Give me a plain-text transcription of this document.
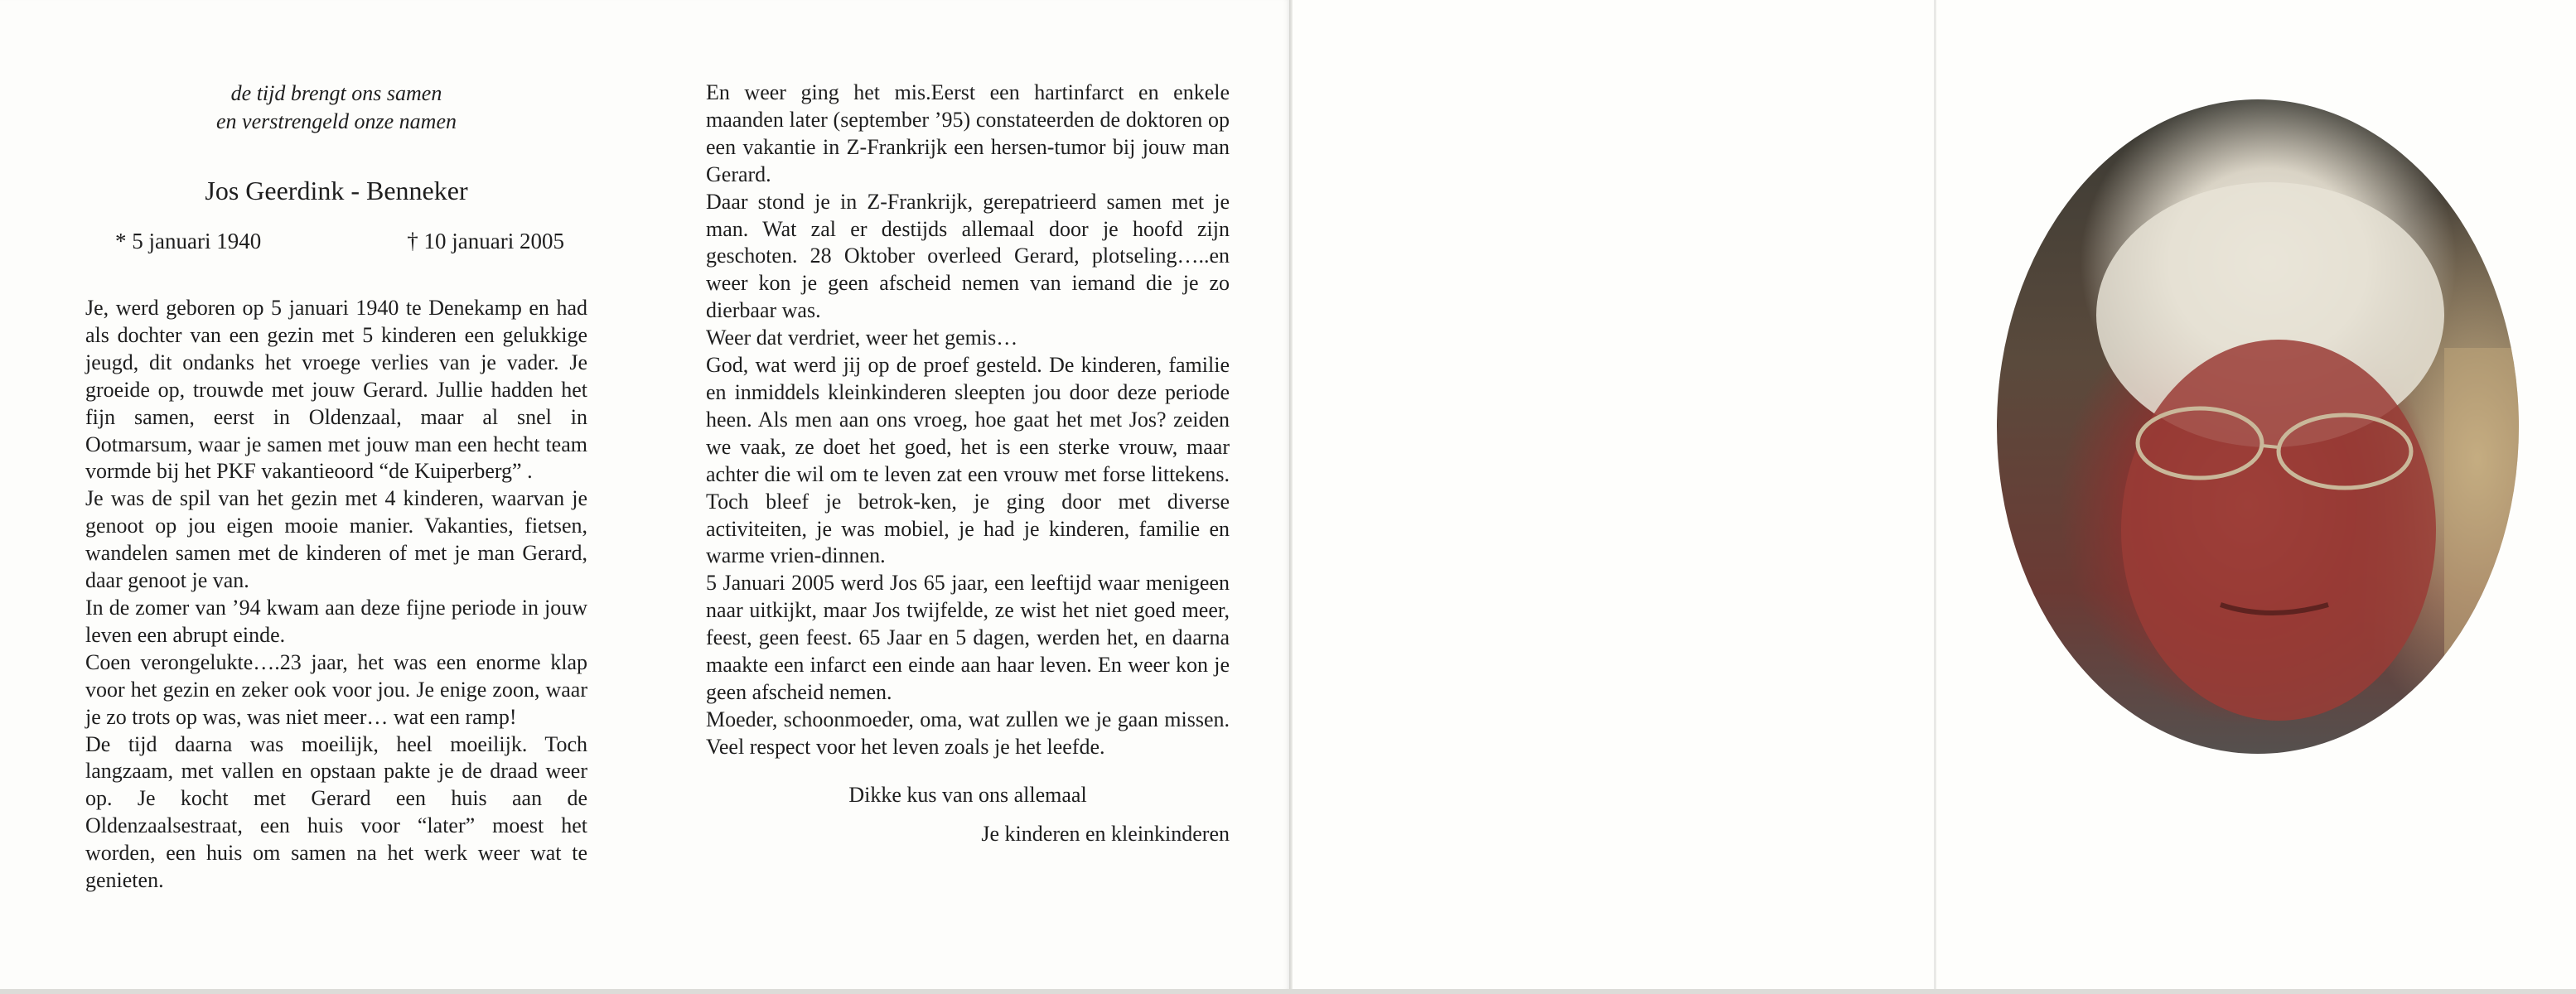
de tijd brengt ons samen

en verstrengeld onze namen

Jos Geerdink - Benneker

* 5 januari 1940	† 10 januari 2005

Je, werd geboren op 5 januari 1940 te Denekamp en had als dochter van een gezin met 5 kinderen een gelukkige jeugd, dit ondanks het vroege verlies van je vader. Je groeide op, trouwde met jouw Gerard. Jullie hadden het fijn samen, eerst in Oldenzaal, maar al snel in Ootmarsum, waar je samen met jouw man een hecht team vormde bij het PKF vakantieoord “de Kuiperberg” .

Je was de spil van het gezin met 4 kinderen, waarvan je genoot op jou eigen mooie manier. Vakanties, fietsen, wandelen samen met de kinderen of met je man Gerard, daar genoot je van.

In de zomer van ’94 kwam aan deze fijne periode in jouw leven een abrupt einde.

Coen verongelukte….23 jaar, het was een enorme klap voor het gezin en zeker ook voor jou. Je enige zoon, waar je zo trots op was, was niet meer… wat een ramp!

De tijd daarna was moeilijk, heel moeilijk. Toch langzaam, met vallen en opstaan pakte je de draad weer op. Je kocht met Gerard een huis aan de Oldenzaalsestraat, een huis voor “later” moest het worden, een huis om samen na het werk weer wat te genieten.

En weer ging het mis.Eerst een hartinfarct en enkele maanden later (september ’95) constateerden de doktoren op een vakantie in Z-Frankrijk een hersen-tumor bij jouw man Gerard.

Daar stond je in Z-Frankrijk, gerepatrieerd samen met je man. Wat zal er destijds allemaal door je hoofd zijn geschoten. 28 Oktober overleed Gerard, plotseling…..en weer kon je geen afscheid nemen van iemand die je zo dierbaar was.

Weer dat verdriet, weer het gemis…

God, wat werd jij op de proef gesteld. De kinderen, familie en inmiddels kleinkinderen sleepten jou door deze periode heen. Als men aan ons vroeg, hoe gaat het met Jos? zeiden we vaak, ze doet het goed, het is een sterke vrouw, maar achter die wil om te leven zat een vrouw met forse littekens. Toch bleef je betrok-ken, je ging door met diverse activiteiten, je was mobiel, je had je kinderen, familie en warme vrien-dinnen.

5 Januari 2005 werd Jos 65 jaar, een leeftijd waar menigeen naar uitkijkt, maar Jos twijfelde, ze wist het niet goed meer, feest, geen feest. 65 Jaar en 5 dagen, werden het, en daarna maakte een infarct een einde aan haar leven. En weer kon je geen afscheid nemen.

Moeder, schoonmoeder, oma, wat zullen we je gaan missen. Veel respect voor het leven zoals je het leefde.

Dikke kus van ons allemaal

Je kinderen en kleinkinderen
